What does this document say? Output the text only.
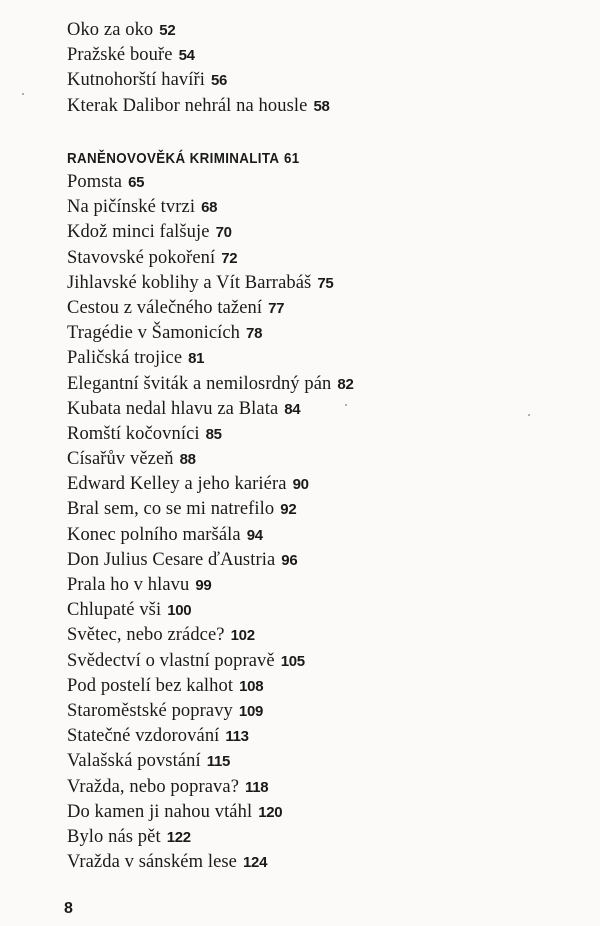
Oko za oko 52
Pražské bouře 54
Kutnohorští havíři 56
Kterak Dalibor nehrál na housle 58
RANĚNOVOVĚKÁ KRIMINALITA 61
Pomsta 65
Na pičínské tvrzi 68
Kdož minci falšuje 70
Stavovské pokoření 72
Jihlavské koblihy a Vít Barrabáš 75
Cestou z válečného tažení 77
Tragédie v Šamonicích 78
Paličská trojice 81
Elegantní šviták a nemilosrdný pán 82
Kubata nedal hlavu za Blata 84
Romští kočovníci 85
Císařův vězeň 88
Edward Kelley a jeho kariéra 90
Bral sem, co se mi natrefilo 92
Konec polního maršála 94
Don Julius Cesare ďAustria 96
Prala ho v hlavu 99
Chlupaté vši 100
Světec, nebo zrádce? 102
Svědectví o vlastní popravě 105
Pod postelí bez kalhot 108
Staroměstské popravy 109
Statečné vzdorování 113
Valašská povstání 115
Vražda, nebo poprava? 118
Do kamen ji nahou vtáhl 120
Bylo nás pět 122
Vražda v sánském lese 124
8
